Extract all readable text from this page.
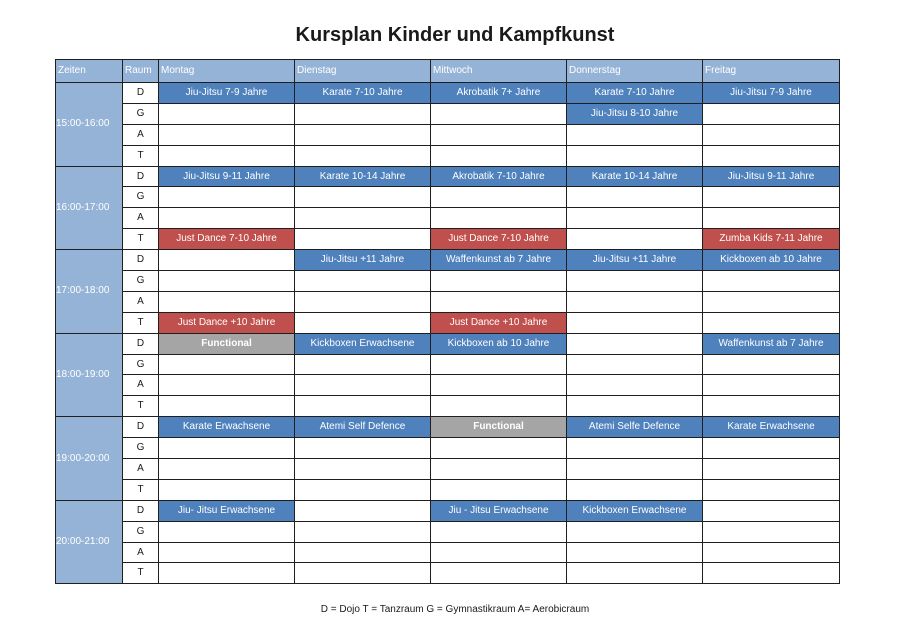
Kursplan Kinder und Kampfkunst
Zeiten	Raum	Montag	Dienstag	Mittwoch	Donnerstag	Freitag
15:00-16:00	D	Jiu-Jitsu 7-9 Jahre	Karate 7-10 Jahre	Akrobatik 7+ Jahre	Karate 7-10 Jahre	Jiu-Jitsu 7-9 Jahre
	G				Jiu-Jitsu 8-10 Jahre	
	A					
	T					
16:00-17:00	D	Jiu-Jitsu 9-11 Jahre	Karate 10-14 Jahre	Akrobatik 7-10 Jahre	Karate 10-14 Jahre	Jiu-Jitsu 9-11 Jahre
	G					
	A					
	T	Just Dance 7-10 Jahre		Just Dance 7-10 Jahre		Zumba Kids 7-11 Jahre
17:00-18:00	D		Jiu-Jitsu +11 Jahre	Waffenkunst ab 7 Jahre	Jiu-Jitsu +11 Jahre	Kickboxen ab 10 Jahre
	G					
	A					
	T	Just Dance +10 Jahre		Just Dance +10 Jahre		
18:00-19:00	D	Functional	Kickboxen Erwachsene	Kickboxen ab 10 Jahre		Waffenkunst ab 7 Jahre
	G					
	A					
	T					
19:00-20:00	D	Karate Erwachsene	Atemi Self Defence	Functional	Atemi Selfe Defence	Karate Erwachsene
	G					
	A					
	T					
20:00-21:00	D	Jiu- Jitsu Erwachsene		Jiu - Jitsu Erwachsene	Kickboxen Erwachsene	
	G					
	A					
	T					
D = Dojo T = Tanzraum G = Gymnastikraum A= Aerobicraum
